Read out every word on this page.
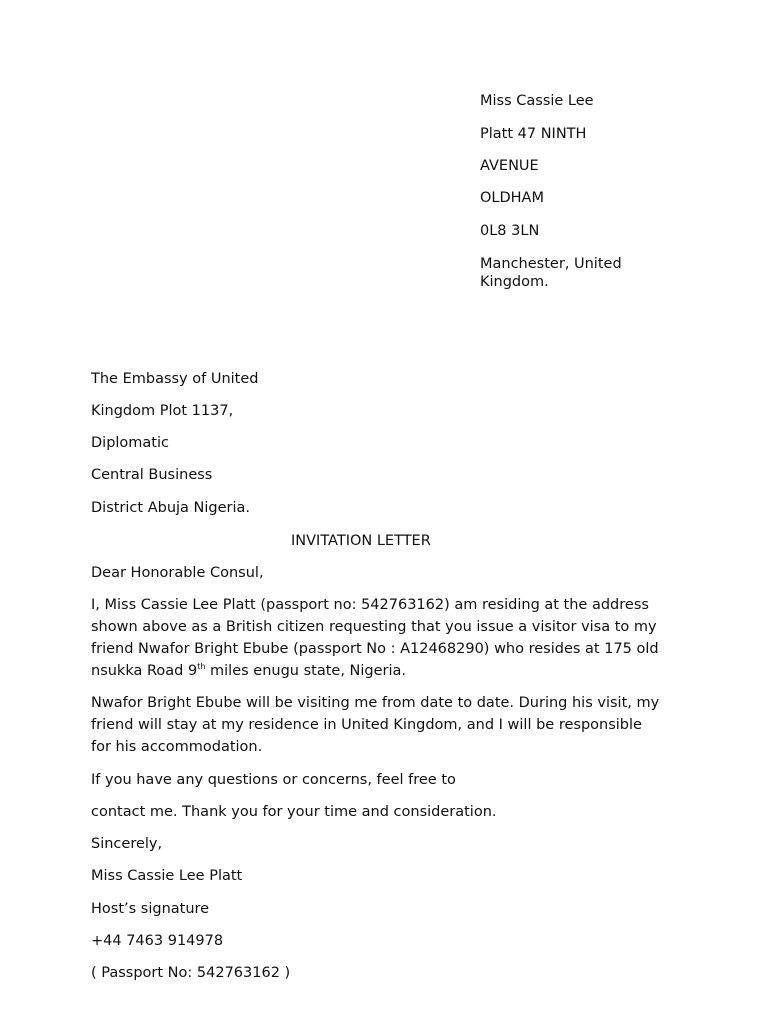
Miss Cassie Lee
Platt 47 NINTH
AVENUE
OLDHAM
0L8 3LN
Manchester, United Kingdom.
The Embassy of United
Kingdom Plot 1137,
Diplomatic
Central Business
District Abuja Nigeria.
INVITATION LETTER
Dear Honorable Consul,
I, Miss Cassie Lee Platt (passport no: 542763162) am residing at the address shown above as a British citizen requesting that you issue a visitor visa to my friend Nwafor Bright Ebube (passport No : A12468290) who resides at 175 old nsukka Road 9th miles enugu state, Nigeria.
Nwafor Bright Ebube will be visiting me from date to date. During his visit, my friend will stay at my residence in United Kingdom, and I will be responsible for his accommodation.
If you have any questions or concerns, feel free to
contact me. Thank you for your time and consideration.
Sincerely,
Miss Cassie Lee Platt
Host’s signature
+44 7463 914978
( Passport No: 542763162 )
